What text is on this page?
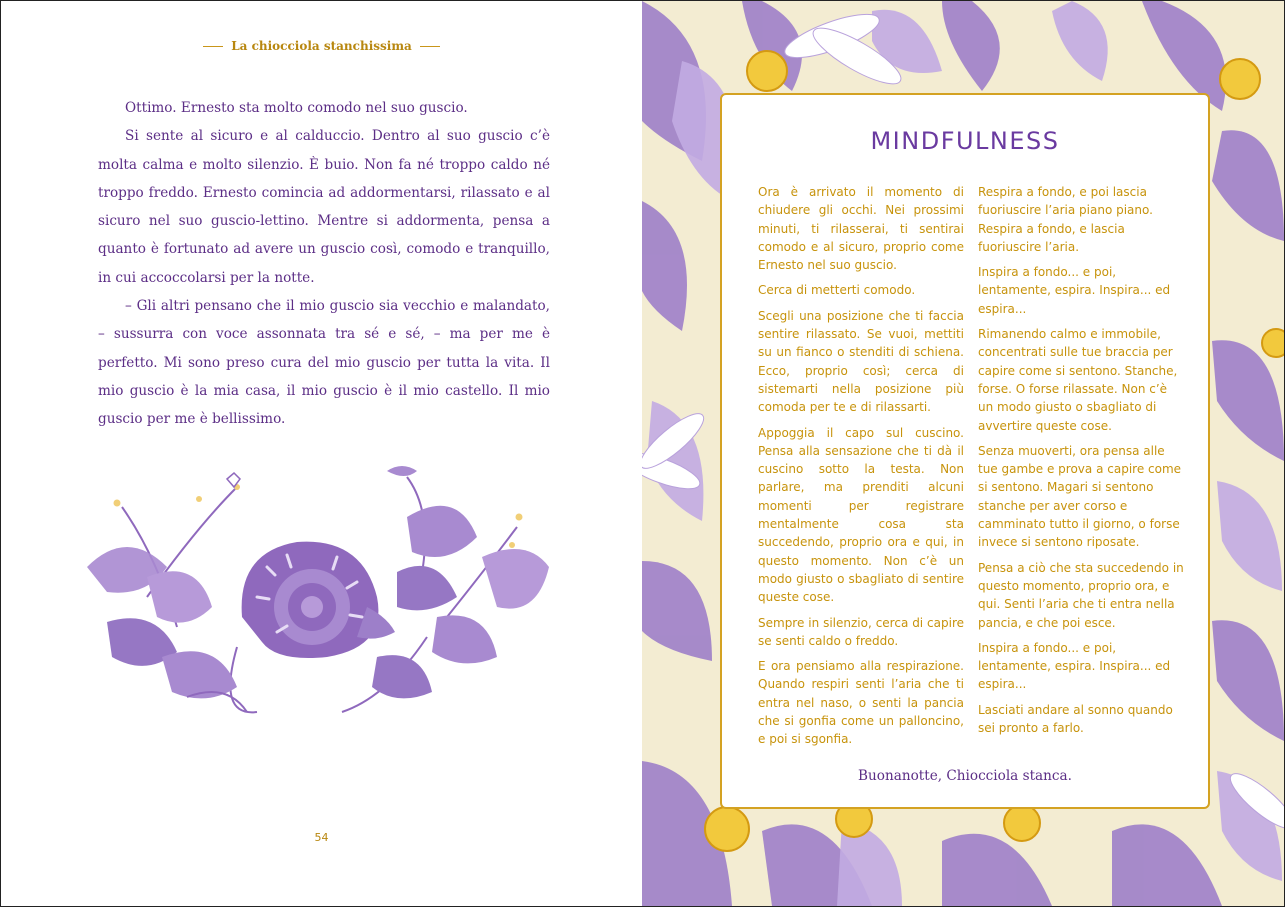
La chiocciola stanchissima

Ottimo. Ernesto sta molto comodo nel suo guscio.

Si sente al sicuro e al calduccio. Dentro al suo guscio c’è molta calma e molto silenzio. È buio. Non fa né troppo caldo né troppo freddo. Ernesto comincia ad addormentarsi, rilassato e al sicuro nel suo guscio-lettino. Mentre si addormenta, pensa a quanto è fortunato ad avere un guscio così, comodo e tranquillo, in cui accoccolarsi per la notte.

– Gli altri pensano che il mio guscio sia vecchio e malandato, – sussurra con voce assonnata tra sé e sé, – ma per me è perfetto. Mi sono preso cura del mio guscio per tutta la vita. Il mio guscio è la mia casa, il mio guscio è il mio castello. Il mio guscio per me è bellissimo.

54
MINDFULNESS

Ora è arrivato il momento di chiudere gli occhi. Nei prossimi minuti, ti rilasserai, ti sentirai comodo e al sicuro, proprio come Ernesto nel suo guscio.

Cerca di metterti comodo.

Scegli una posizione che ti faccia sentire rilassato. Se vuoi, mettiti su un fianco o stenditi di schiena. Ecco, proprio così; cerca di sistemarti nella posizione più comoda per te e di rilassarti.

Appoggia il capo sul cuscino. Pensa alla sensazione che ti dà il cuscino sotto la testa. Non parlare, ma prenditi alcuni momenti per registrare mentalmente cosa sta succedendo, proprio ora e qui, in questo momento. Non c’è un modo giusto o sbagliato di sentire queste cose.

Sempre in silenzio, cerca di capire se senti caldo o freddo.

E ora pensiamo alla respirazione. Quando respiri senti l’aria che ti entra nel naso, o senti la pancia che si gonfia come un palloncino, e poi si sgonfia.

Respira a fondo, e poi lascia fuoriuscire l’aria piano piano. Respira a fondo, e lascia fuoriuscire l’aria.

Inspira a fondo... e poi, lentamente, espira. Inspira... ed espira...

Rimanendo calmo e immobile, concentrati sulle tue braccia per capire come si sentono. Stanche, forse. O forse rilassate. Non c’è un modo giusto o sbagliato di avvertire queste cose.

Senza muoverti, ora pensa alle tue gambe e prova a capire come si sentono. Magari si sentono stanche per aver corso e camminato tutto il giorno, o forse invece si sentono riposate.

Pensa a ciò che sta succedendo in questo momento, proprio ora, e qui. Senti l’aria che ti entra nella pancia, e che poi esce.

Inspira a fondo... e poi, lentamente, espira. Inspira... ed espira...

Lasciati andare al sonno quando sei pronto a farlo.

Buonanotte, Chiocciola stanca.
